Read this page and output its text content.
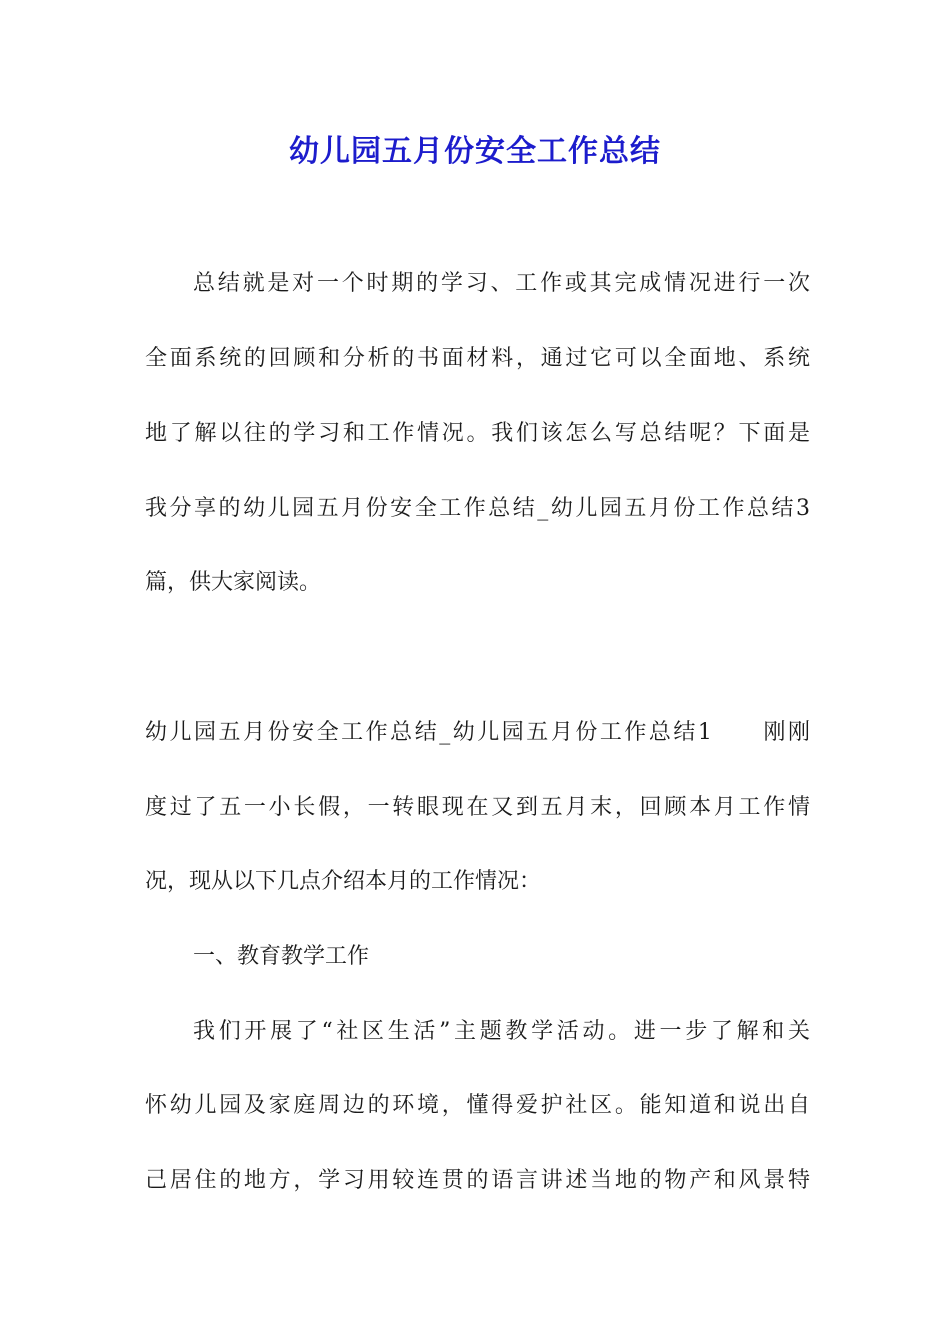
幼儿园五月份安全工作总结
总结就是对一个时期的学习、工作或其完成情况进行一次
全面系统的回顾和分析的书面材料，通过它可以全面地、系统
地了解以往的学习和工作情况。我们该怎么写总结呢？下面是
我分享的幼儿园五月份安全工作总结_幼儿园五月份工作总结3
篇，供大家阅读。
幼儿园五月份安全工作总结_幼儿园五月份工作总结1　　刚刚
度过了五一小长假，一转眼现在又到五月末，回顾本月工作情
况，现从以下几点介绍本月的工作情况：
一、教育教学工作
我们开展了“社区生活”主题教学活动。进一步了解和关
怀幼儿园及家庭周边的环境，懂得爱护社区。能知道和说出自
己居住的地方，学习用较连贯的语言讲述当地的物产和风景特
